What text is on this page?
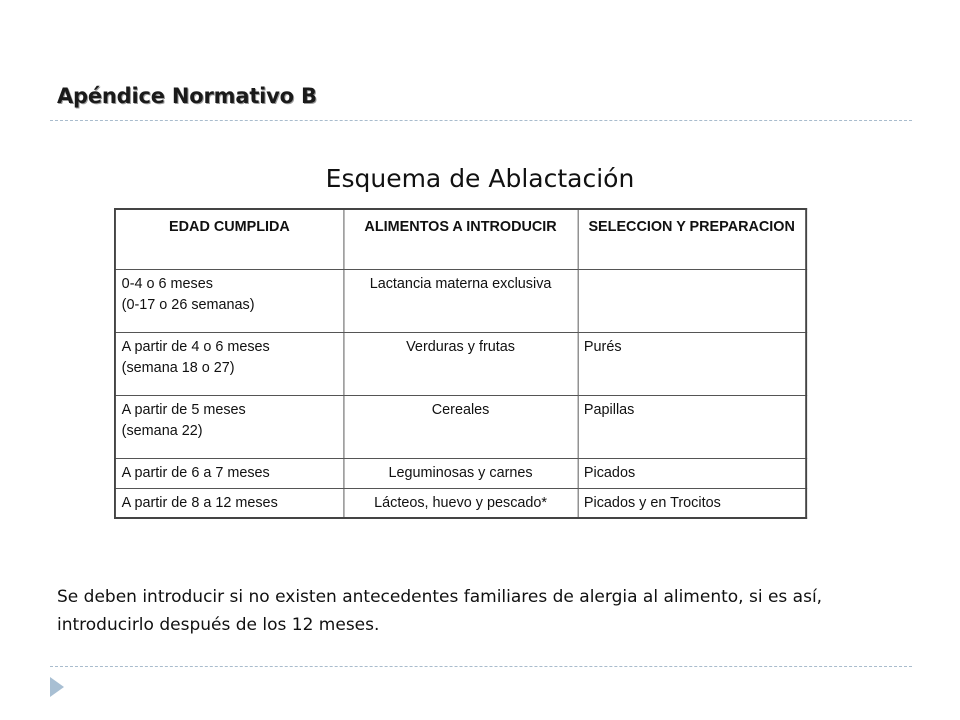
Apéndice Normativo B
Esquema de Ablactación
EDAD CUMPLIDA	ALIMENTOS A INTRODUCIR	SELECCION Y PREPARACION
0-4 o 6 meses
(0-17 o 26 semanas)	Lactancia materna exclusiva	
A partir de 4 o 6 meses
(semana 18 o 27)	Verduras y frutas	Purés
A partir de 5 meses
(semana 22)	Cereales	Papillas
A partir de 6 a 7 meses	Leguminosas y carnes	Picados
A partir de 8 a 12 meses	Lácteos, huevo y pescado*	Picados y en Trocitos
Se deben introducir si no existen antecedentes familiares de alergia al alimento, si es así, introducirlo después de los 12 meses.
